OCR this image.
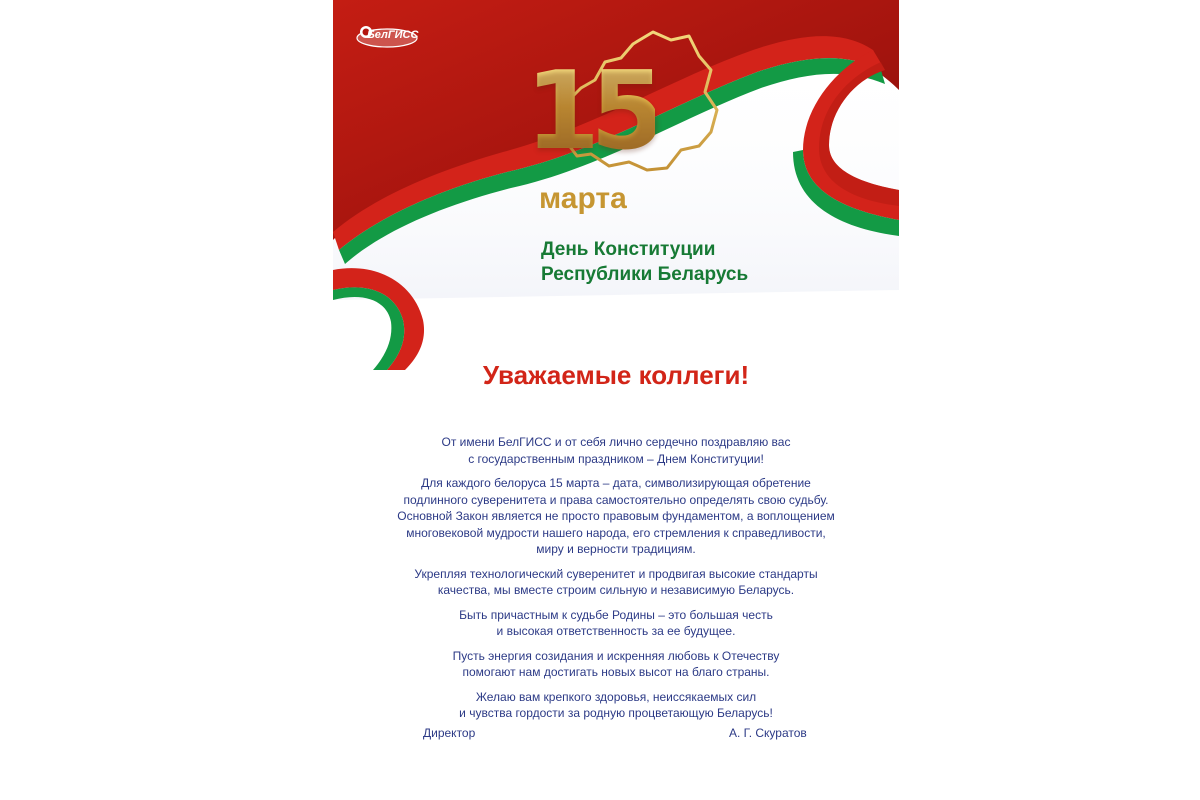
БелГИСС
15
марта
День Конституции
Республики Беларусь
Уважаемые коллеги!

От имени БелГИСС и от себя лично сердечно поздравляю вас
с государственным праздником – Днем Конституции!

Для каждого белоруса 15 марта – дата, символизирующая обретение
подлинного суверенитета и права самостоятельно определять свою судьбу.
Основной Закон является не просто правовым фундаментом, а воплощением
многовековой мудрости нашего народа, его стремления к справедливости,
миру и верности традициям.

Укрепляя технологический суверенитет и продвигая высокие стандарты
качества, мы вместе строим сильную и независимую Беларусь.

Быть причастным к судьбе Родины – это большая честь
и высокая ответственность за ее будущее.

Пусть энергия созидания и искренняя любовь к Отечеству
помогают нам достигать новых высот на благо страны.

Желаю вам крепкого здоровья, неиссякаемых сил
и чувства гордости за родную процветающую Беларусь!

Директор	А. Г. Скуратов
